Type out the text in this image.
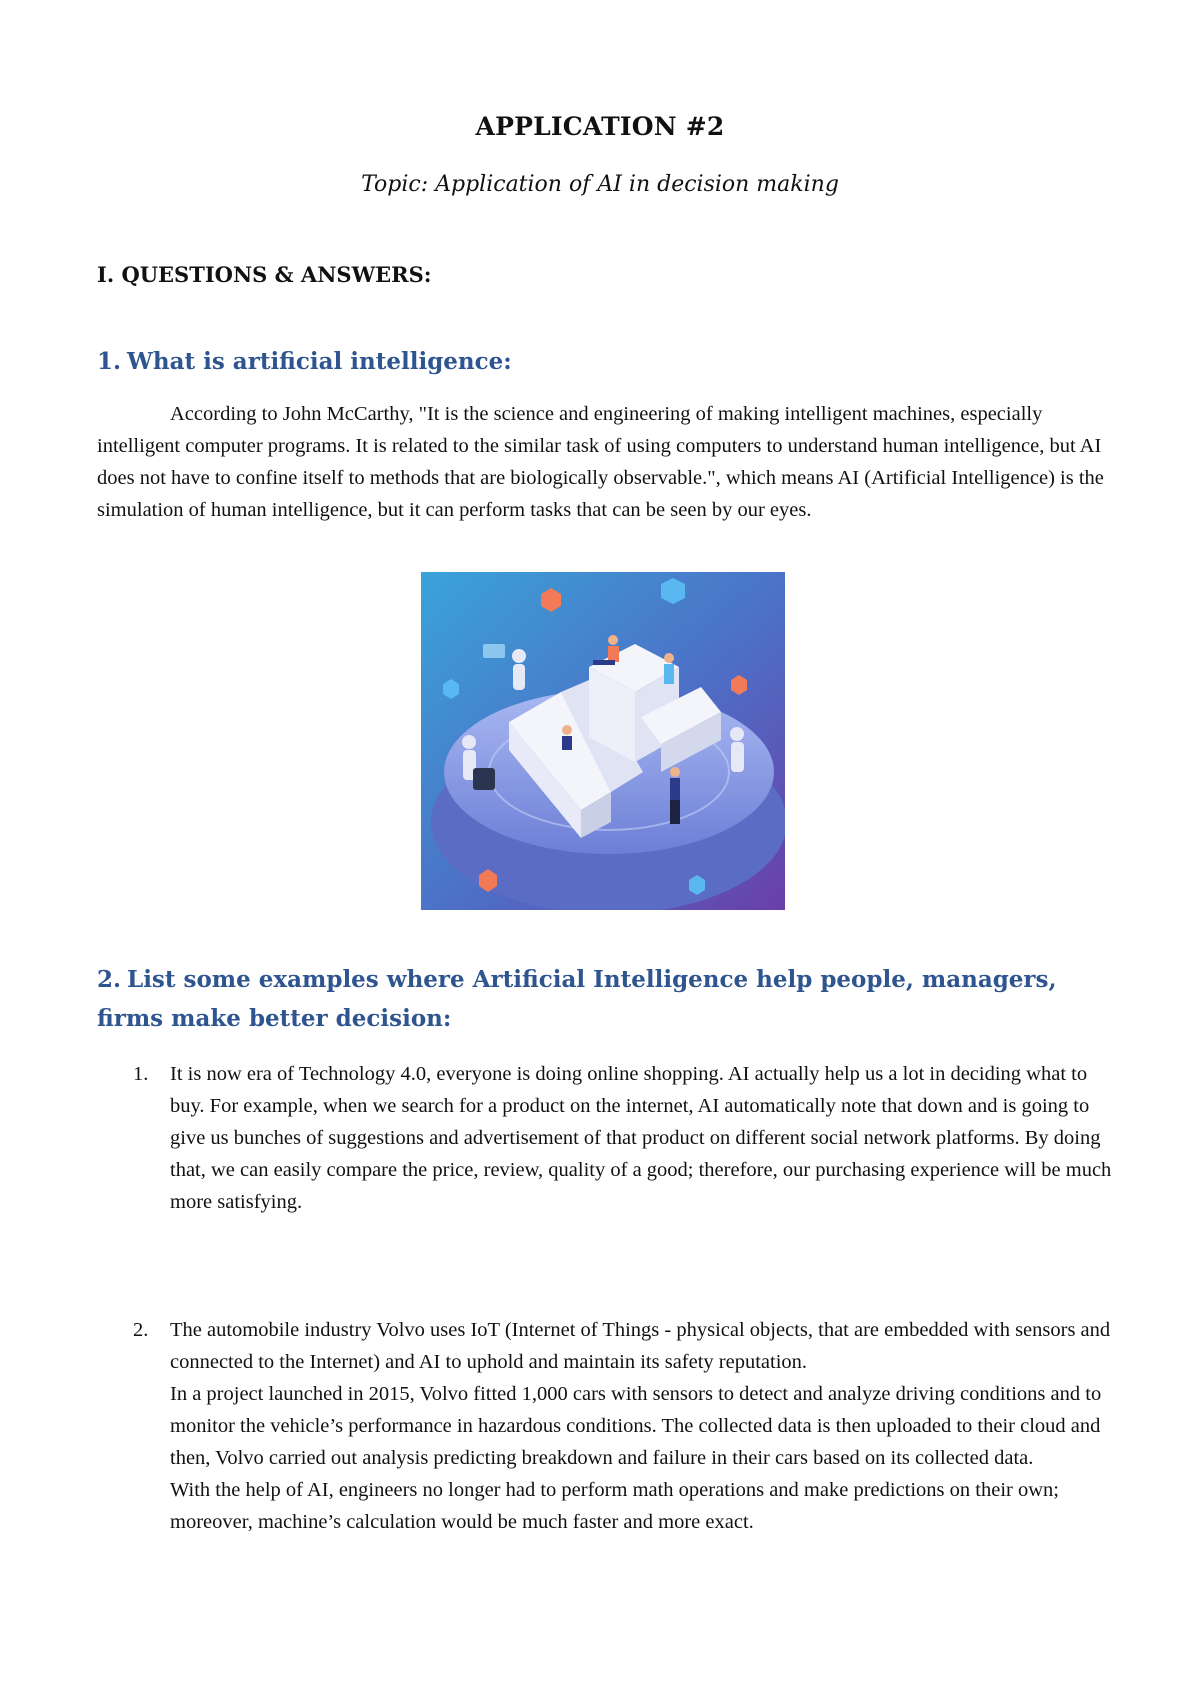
APPLICATION #2
Topic: Application of AI in decision making
I. QUESTIONS & ANSWERS:
1. What is artificial intelligence:
According to John McCarthy, "It is the science and engineering of making intelligent machines, especially intelligent computer programs. It is related to the similar task of using computers to understand human intelligence, but AI does not have to confine itself to methods that are biologically observable.", which means AI (Artificial Intelligence) is the simulation of human intelligence, but it can perform tasks that can be seen by our eyes.
2. List some examples where Artificial Intelligence help people, managers, firms make better decision:
1. It is now era of Technology 4.0, everyone is doing online shopping. AI actually help us a lot in deciding what to buy. For example, when we search for a product on the internet, AI automatically note that down and is going to give us bunches of suggestions and advertisement of that product on different social network platforms. By doing that, we can easily compare the price, review, quality of a good; therefore, our purchasing experience will be much more satisfying.
2. The automobile industry Volvo uses IoT (Internet of Things - physical objects, that are embedded with sensors and connected to the Internet) and AI to uphold and maintain its safety reputation.
In a project launched in 2015, Volvo fitted 1,000 cars with sensors to detect and analyze driving conditions and to monitor the vehicle’s performance in hazardous conditions. The collected data is then uploaded to their cloud and then, Volvo carried out analysis predicting breakdown and failure in their cars based on its collected data.
With the help of AI, engineers no longer had to perform math operations and make predictions on their own; moreover, machine’s calculation would be much faster and more exact.
